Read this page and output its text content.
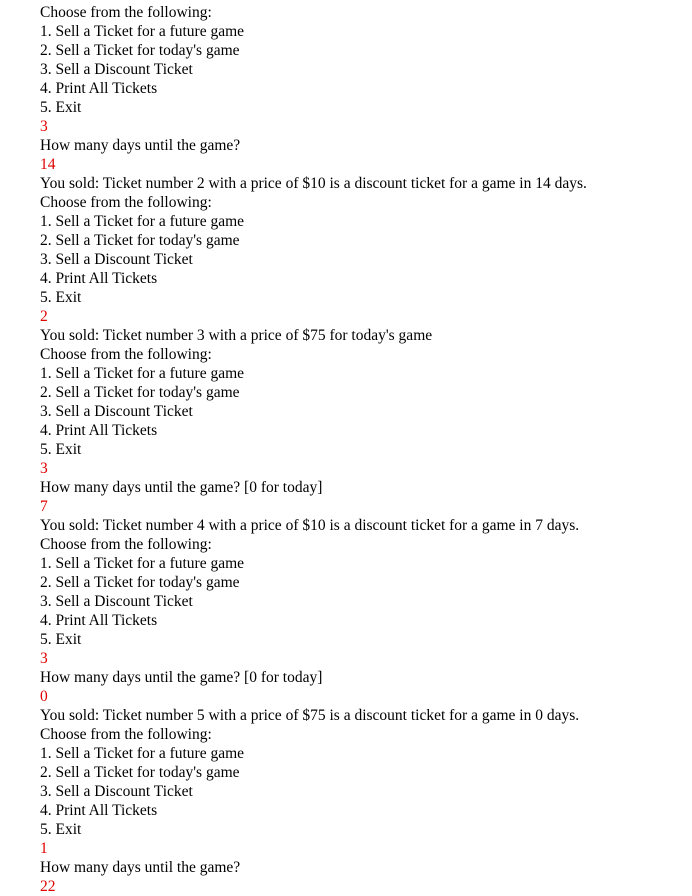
Choose from the following:
1. Sell a Ticket for a future game
2. Sell a Ticket for today's game
3. Sell a Discount Ticket
4. Print All Tickets
5. Exit
3
How many days until the game?
14
You sold: Ticket number 2 with a price of $10 is a discount ticket for a game in 14 days.
Choose from the following:
1. Sell a Ticket for a future game
2. Sell a Ticket for today's game
3. Sell a Discount Ticket
4. Print All Tickets
5. Exit
2
You sold: Ticket number 3 with a price of $75 for today's game
Choose from the following:
1. Sell a Ticket for a future game
2. Sell a Ticket for today's game
3. Sell a Discount Ticket
4. Print All Tickets
5. Exit
3
How many days until the game? [0 for today]
7
You sold: Ticket number 4 with a price of $10 is a discount ticket for a game in 7 days.
Choose from the following:
1. Sell a Ticket for a future game
2. Sell a Ticket for today's game
3. Sell a Discount Ticket
4. Print All Tickets
5. Exit
3
How many days until the game? [0 for today]
0
You sold: Ticket number 5 with a price of $75 is a discount ticket for a game in 0 days.
Choose from the following:
1. Sell a Ticket for a future game
2. Sell a Ticket for today's game
3. Sell a Discount Ticket
4. Print All Tickets
5. Exit
1
How many days until the game?
22
